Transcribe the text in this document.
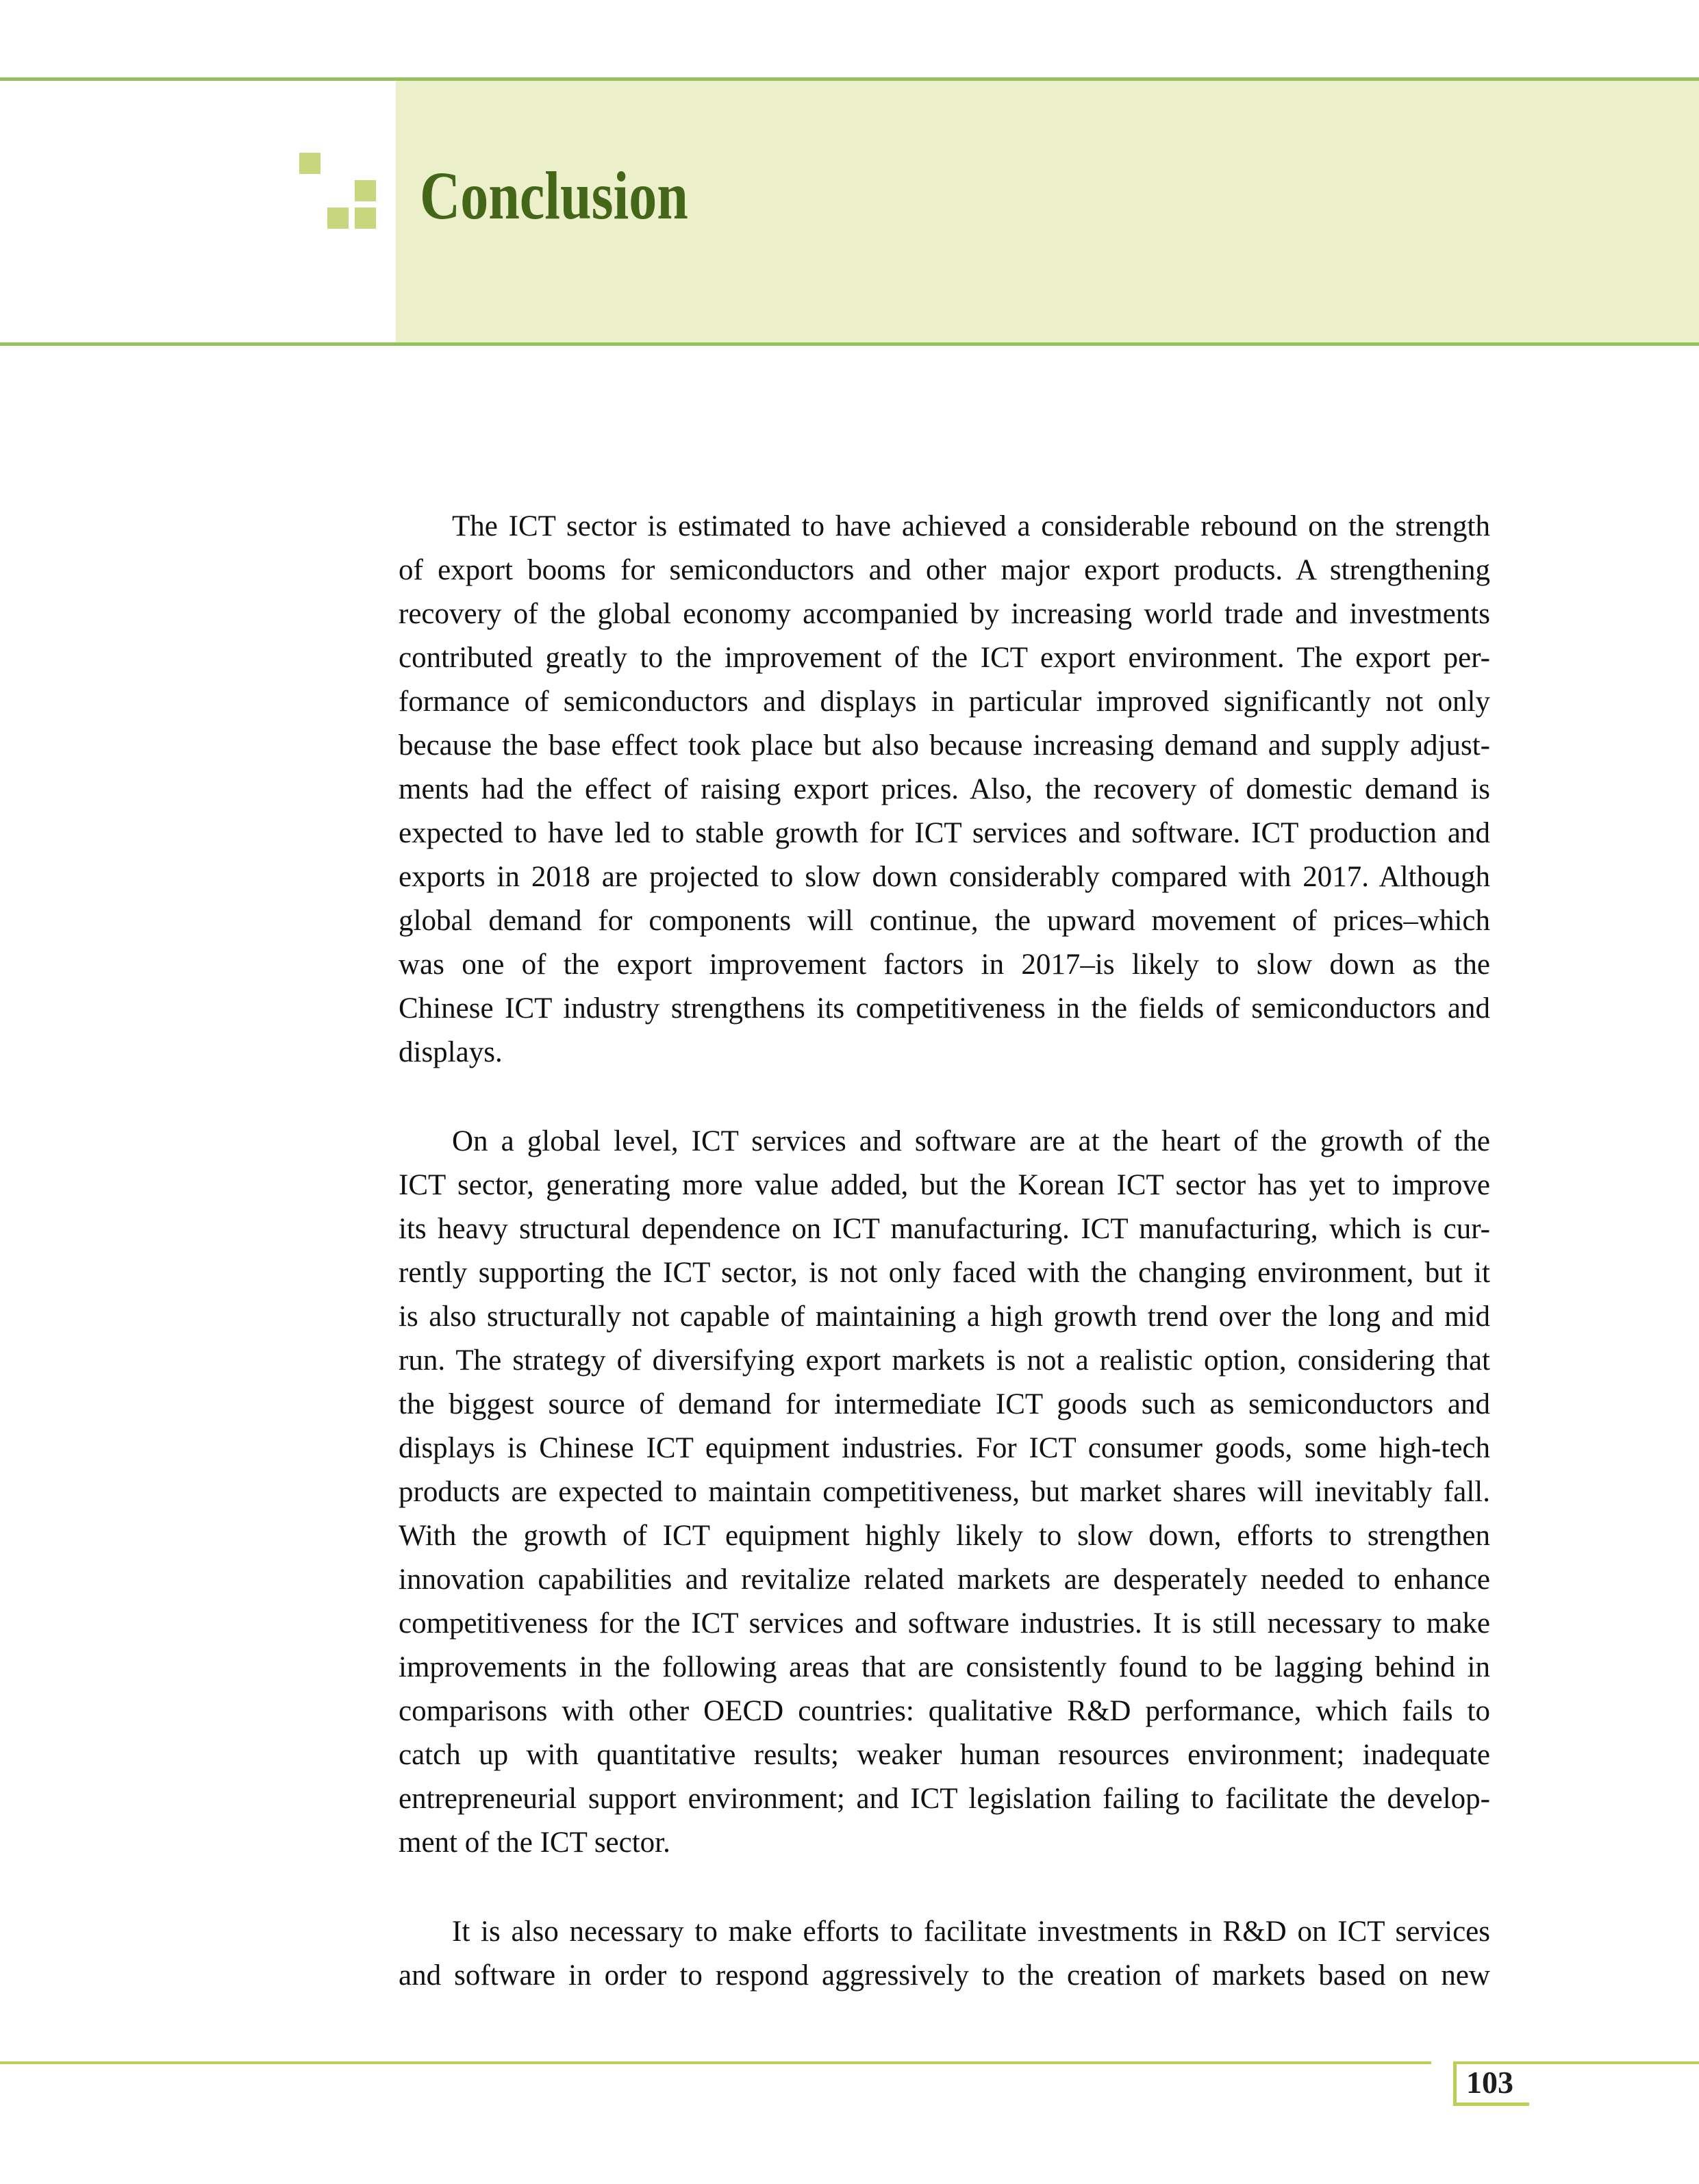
Conclusion
The ICT sector is estimated to have achieved a considerable rebound on the strength
of export booms for semiconductors and other major export products. A strengthening
recovery of the global economy accompanied by increasing world trade and investments
contributed greatly to the improvement of the ICT export environment. The export per-
formance of semiconductors and displays in particular improved significantly not only
because the base effect took place but also because increasing demand and supply adjust-
ments had the effect of raising export prices. Also, the recovery of domestic demand is
expected to have led to stable growth for ICT services and software. ICT production and
exports in 2018 are projected to slow down considerably compared with 2017. Although
global demand for components will continue, the upward movement of prices–which
was one of the export improvement factors in 2017–is likely to slow down as the
Chinese ICT industry strengthens its competitiveness in the fields of semiconductors and
displays.
On a global level, ICT services and software are at the heart of the growth of the
ICT sector, generating more value added, but the Korean ICT sector has yet to improve
its heavy structural dependence on ICT manufacturing. ICT manufacturing, which is cur-
rently supporting the ICT sector, is not only faced with the changing environment, but it
is also structurally not capable of maintaining a high growth trend over the long and mid
run. The strategy of diversifying export markets is not a realistic option, considering that
the biggest source of demand for intermediate ICT goods such as semiconductors and
displays is Chinese ICT equipment industries. For ICT consumer goods, some high-tech
products are expected to maintain competitiveness, but market shares will inevitably fall.
With the growth of ICT equipment highly likely to slow down, efforts to strengthen
innovation capabilities and revitalize related markets are desperately needed to enhance
competitiveness for the ICT services and software industries. It is still necessary to make
improvements in the following areas that are consistently found to be lagging behind in
comparisons with other OECD countries: qualitative R&D performance, which fails to
catch up with quantitative results; weaker human resources environment; inadequate
entrepreneurial support environment; and ICT legislation failing to facilitate the develop-
ment of the ICT sector.
It is also necessary to make efforts to facilitate investments in R&D on ICT services
and software in order to respond aggressively to the creation of markets based on new
103
